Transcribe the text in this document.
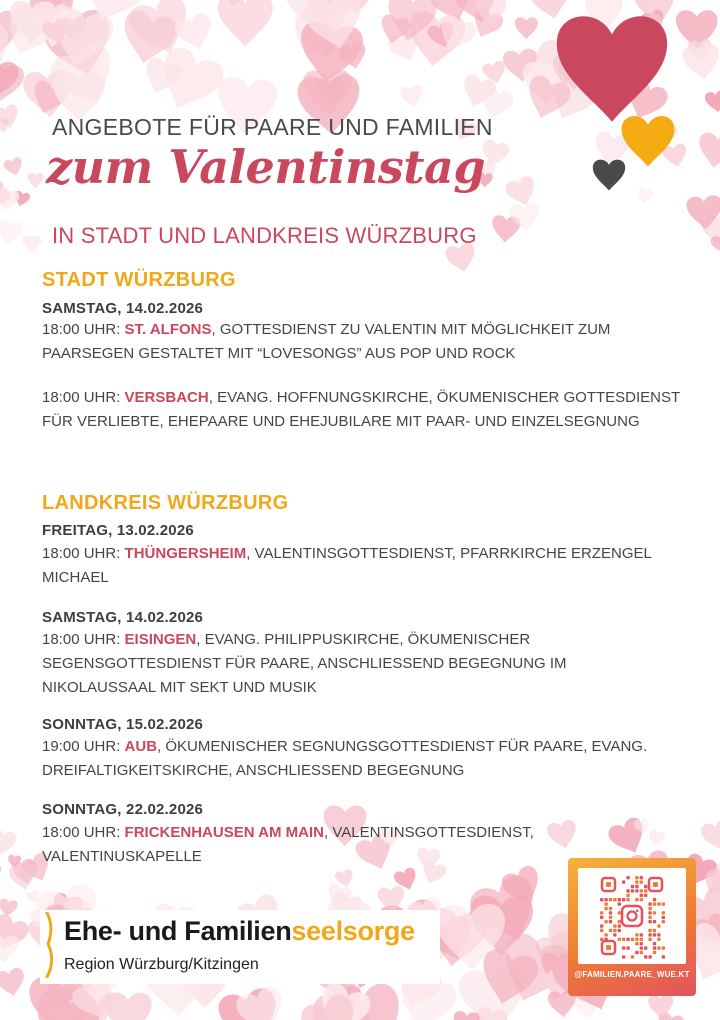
ANGEBOTE FÜR PAARE UND FAMILIEN
zum Valentinstag
IN STADT UND LANDKREIS WÜRZBURG
STADT WÜRZBURG
SAMSTAG, 14.02.2026
18:00 UHR: ST. ALFONS, GOTTESDIENST ZU VALENTIN MIT MÖGLICHKEIT ZUM PAARSEGEN GESTALTET MIT “LOVESONGS” AUS POP UND ROCK
18:00 UHR: VERSBACH, EVANG. HOFFNUNGSKIRCHE, ÖKUMENISCHER GOTTESDIENST FÜR VERLIEBTE, EHEPAARE UND EHEJUBILARE MIT PAAR- UND EINZELSEGNUNG
LANDKREIS WÜRZBURG
FREITAG, 13.02.2026
18:00 UHR: THÜNGERSHEIM, VALENTINSGOTTESDIENST, PFARRKIRCHE ERZENGEL MICHAEL
SAMSTAG, 14.02.2026
18:00 UHR: EISINGEN, EVANG. PHILIPPUSKIRCHE, ÖKUMENISCHER SEGENSGOTTESDIENST FÜR PAARE, ANSCHLIESSEND BEGEGNUNG IM NIKOLAUSSAAL MIT SEKT UND MUSIK
SONNTAG, 15.02.2026
19:00 UHR: AUB, ÖKUMENISCHER SEGNUNGSGOTTESDIENST FÜR PAARE, EVANG. DREIFALTIGKEITSKIRCHE, ANSCHLIESSEND BEGEGNUNG
SONNTAG, 22.02.2026
18:00 UHR: FRICKENHAUSEN AM MAIN, VALENTINSGOTTESDIENST, VALENTINUSKAPELLE
Ehe- und Familienseelsorge
Region Würzburg/Kitzingen
@FAMILIEN.PAARE_WUE.KT
